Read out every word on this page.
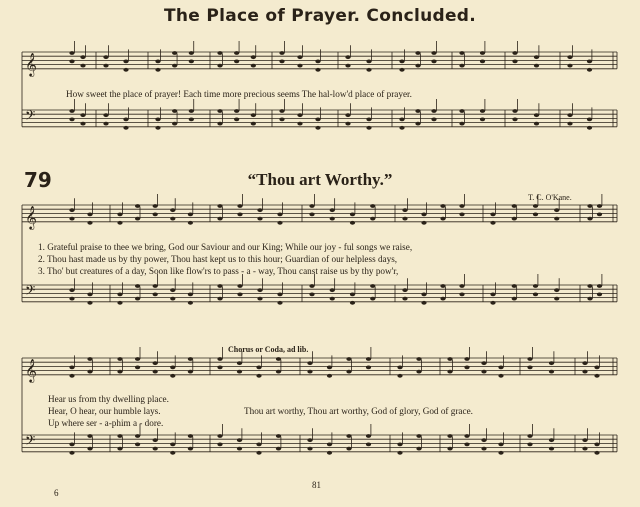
𝄞
𝄢
𝄞
𝄢
𝄞
𝄢
The Place of Prayer. Concluded.
How sweet the place of prayer! Each time more precious seems The hal-low'd place of prayer.
79	“Thou art Worthy.”
T. C. O'Kane.
1. Grateful praise to thee we bring, God our Saviour and our King; While our joy - ful songs we raise,
2. Thou hast made us by thy power, Thou hast kept us to this hour; Guardian of our helpless days,
3. Tho' but creatures of a day, Soon like flow'rs to pass - a - way, Thou canst raise us by thy pow'r,
Chorus or Coda, ad lib.
Hear us from thy dwelling place.
Hear, O hear, our humble lays.
Up where ser - a-phim a - dore.
Thou art worthy, Thou art worthy, God of glory, God of grace.
6
81
